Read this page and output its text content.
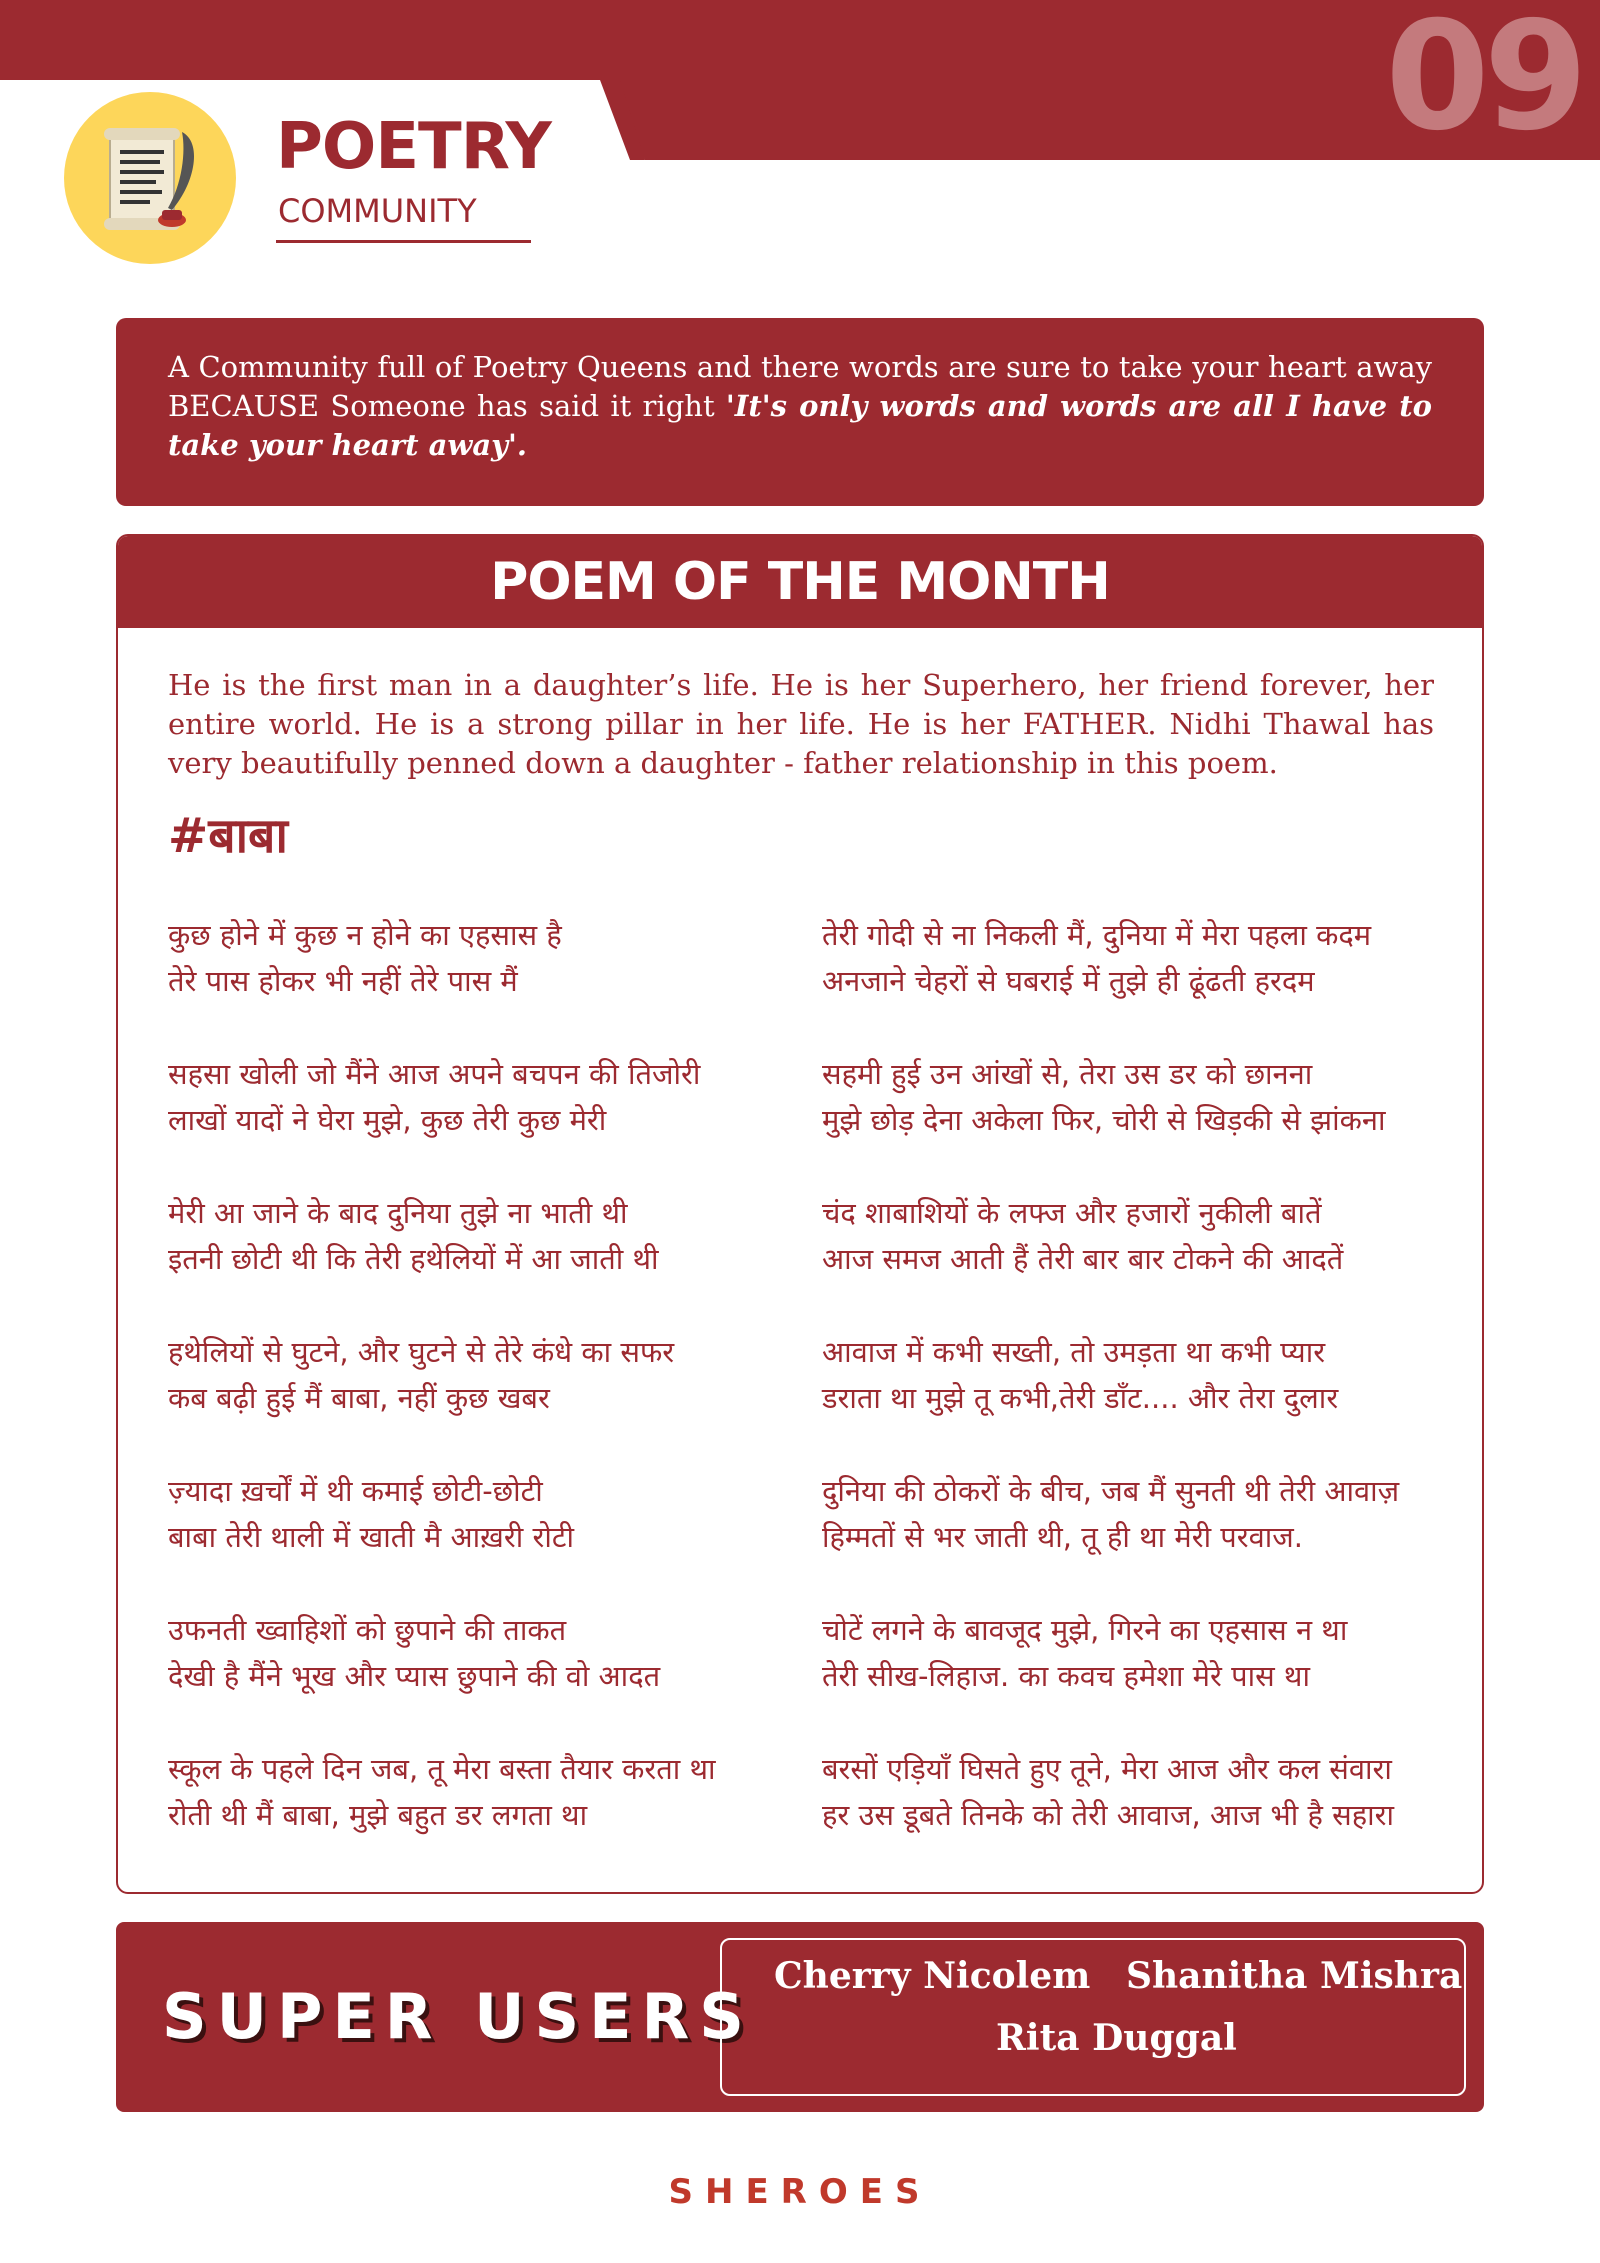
09
POETRY
COMMUNITY
A Community full of Poetry Queens and there words are sure to take your heart away BECAUSE Someone has said it right 'It's only words and words are all I have to take your heart away'.
POEM OF THE MONTH
He is the first man in a daughter’s life. He is her Superhero, her friend forever, her entire world. He is a strong pillar in her life. He is her FATHER. Nidhi Thawal has very beautifully penned down a daughter - father relationship in this poem.
#बाबा
कुछ होने में कुछ न होने का एहसास है
तेरे पास होकर भी नहीं तेरे पास मैं
सहसा खोली जो मैंने आज अपने बचपन की तिजोरी
लाखों यादों ने घेरा मुझे, कुछ तेरी कुछ मेरी
मेरी आ जाने के बाद दुनिया तुझे ना भाती थी
इतनी छोटी थी कि तेरी हथेलियों में आ जाती थी
हथेलियों से घुटने, और घुटने से तेरे कंधे का सफर
कब बढ़ी हुई मैं बाबा, नहीं कुछ खबर
ज़्यादा ख़र्चों में थी कमाई छोटी-छोटी
बाबा तेरी थाली में खाती मै आख़री रोटी
उफनती ख्वाहिशों को छुपाने की ताकत
देखी है मैंने भूख और प्यास छुपाने की वो आदत
स्कूल के पहले दिन जब, तू मेरा बस्ता तैयार करता था
रोती थी मैं बाबा, मुझे बहुत डर लगता था
तेरी गोदी से ना निकली मैं, दुनिया में मेरा पहला कदम
अनजाने चेहरों से घबराई में तुझे ही ढूंढती हरदम
सहमी हुई उन आंखों से, तेरा उस डर को छानना
मुझे छोड़ देना अकेला फिर, चोरी से खिड़की से झांकना
चंद शाबाशियों के लफ्ज और हजारों नुकीली बातें
आज समज आती हैं तेरी बार बार टोकने की आदतें
आवाज में कभी सख्ती, तो उमड़ता था कभी प्यार
डराता था मुझे तू कभी,तेरी डाँट.... और तेरा दुलार
दुनिया की ठोकरों के बीच, जब मैं सुनती थी तेरी आवाज़
हिम्मतों से भर जाती थी, तू ही था मेरी परवाज.
चोटें लगने के बावजूद मुझे, गिरने का एहसास न था
तेरी सीख-लिहाज. का कवच हमेशा मेरे पास था
बरसों एड़ियाँ घिसते हुए तूने, मेरा आज और कल संवारा
हर उस डूबते तिनके को तेरी आवाज, आज भी है सहारा
SUPER USERS
Cherry Nicolem Shanitha Mishra
Rita Duggal
SHEROES
